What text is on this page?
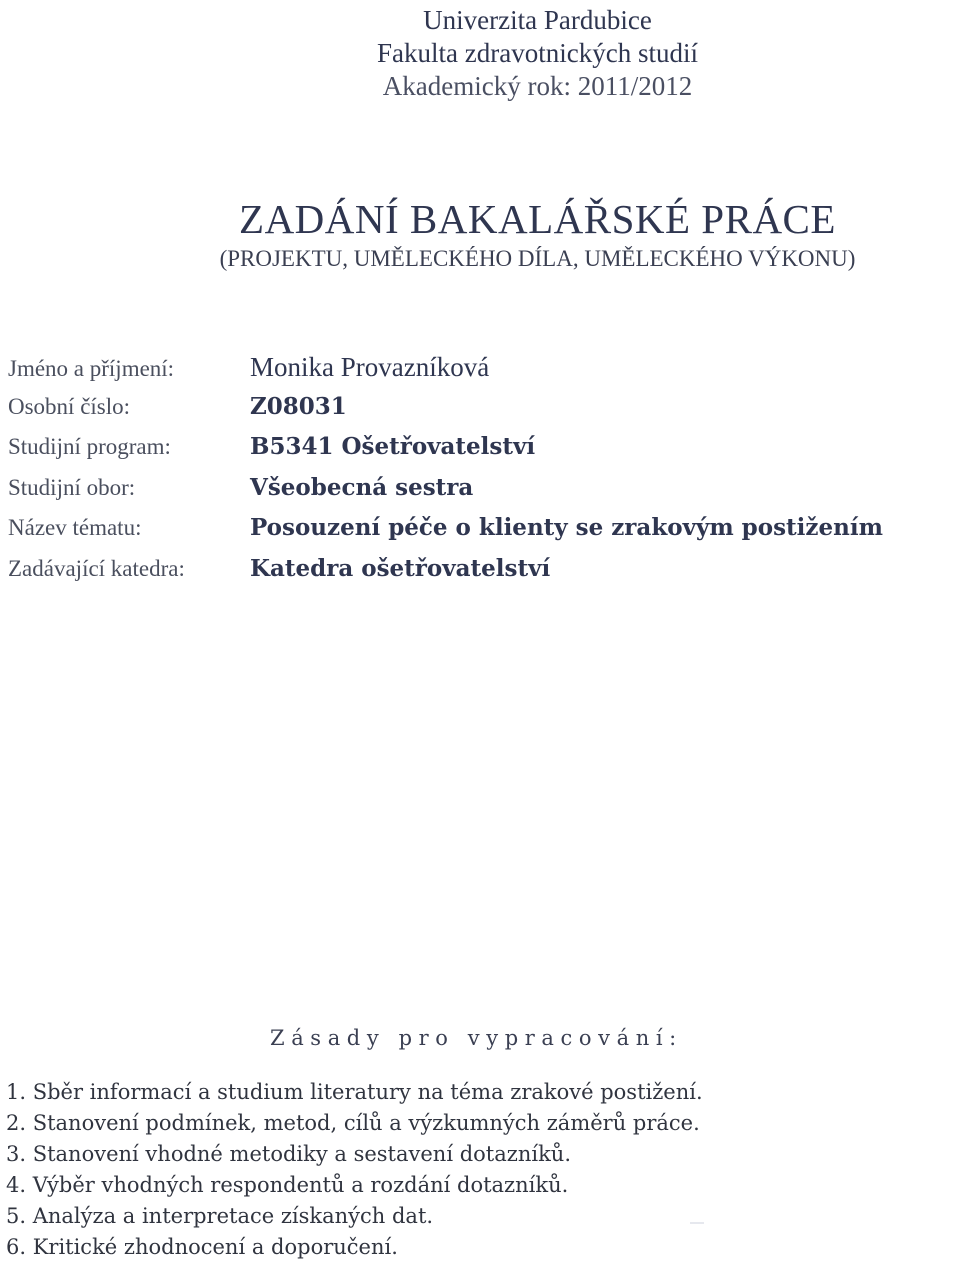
Univerzita Pardubice
Fakulta zdravotnických studií
Akademický rok: 2011/2012
ZADÁNÍ BAKALÁŘSKÉ PRÁCE
(PROJEKTU, UMĚLECKÉHO DÍLA, UMĚLECKÉHO VÝKONU)
Jméno a příjmení:	Monika Provazníková
Osobní číslo:	Z08031
Studijní program:	B5341 Ošetřovatelství
Studijní obor:	Všeobecná sestra
Název tématu:	Posouzení péče o klienty se zrakovým postižením
Zadávající katedra:	Katedra ošetřovatelství
Zásady pro vypracování:
1. Sběr informací a studium literatury na téma zrakové postižení.
2. Stanovení podmínek, metod, cílů a výzkumných záměrů práce.
3. Stanovení vhodné metodiky a sestavení dotazníků.
4. Výběr vhodných respondentů a rozdání dotazníků.
5. Analýza a interpretace získaných dat.
6. Kritické zhodnocení a doporučení.
